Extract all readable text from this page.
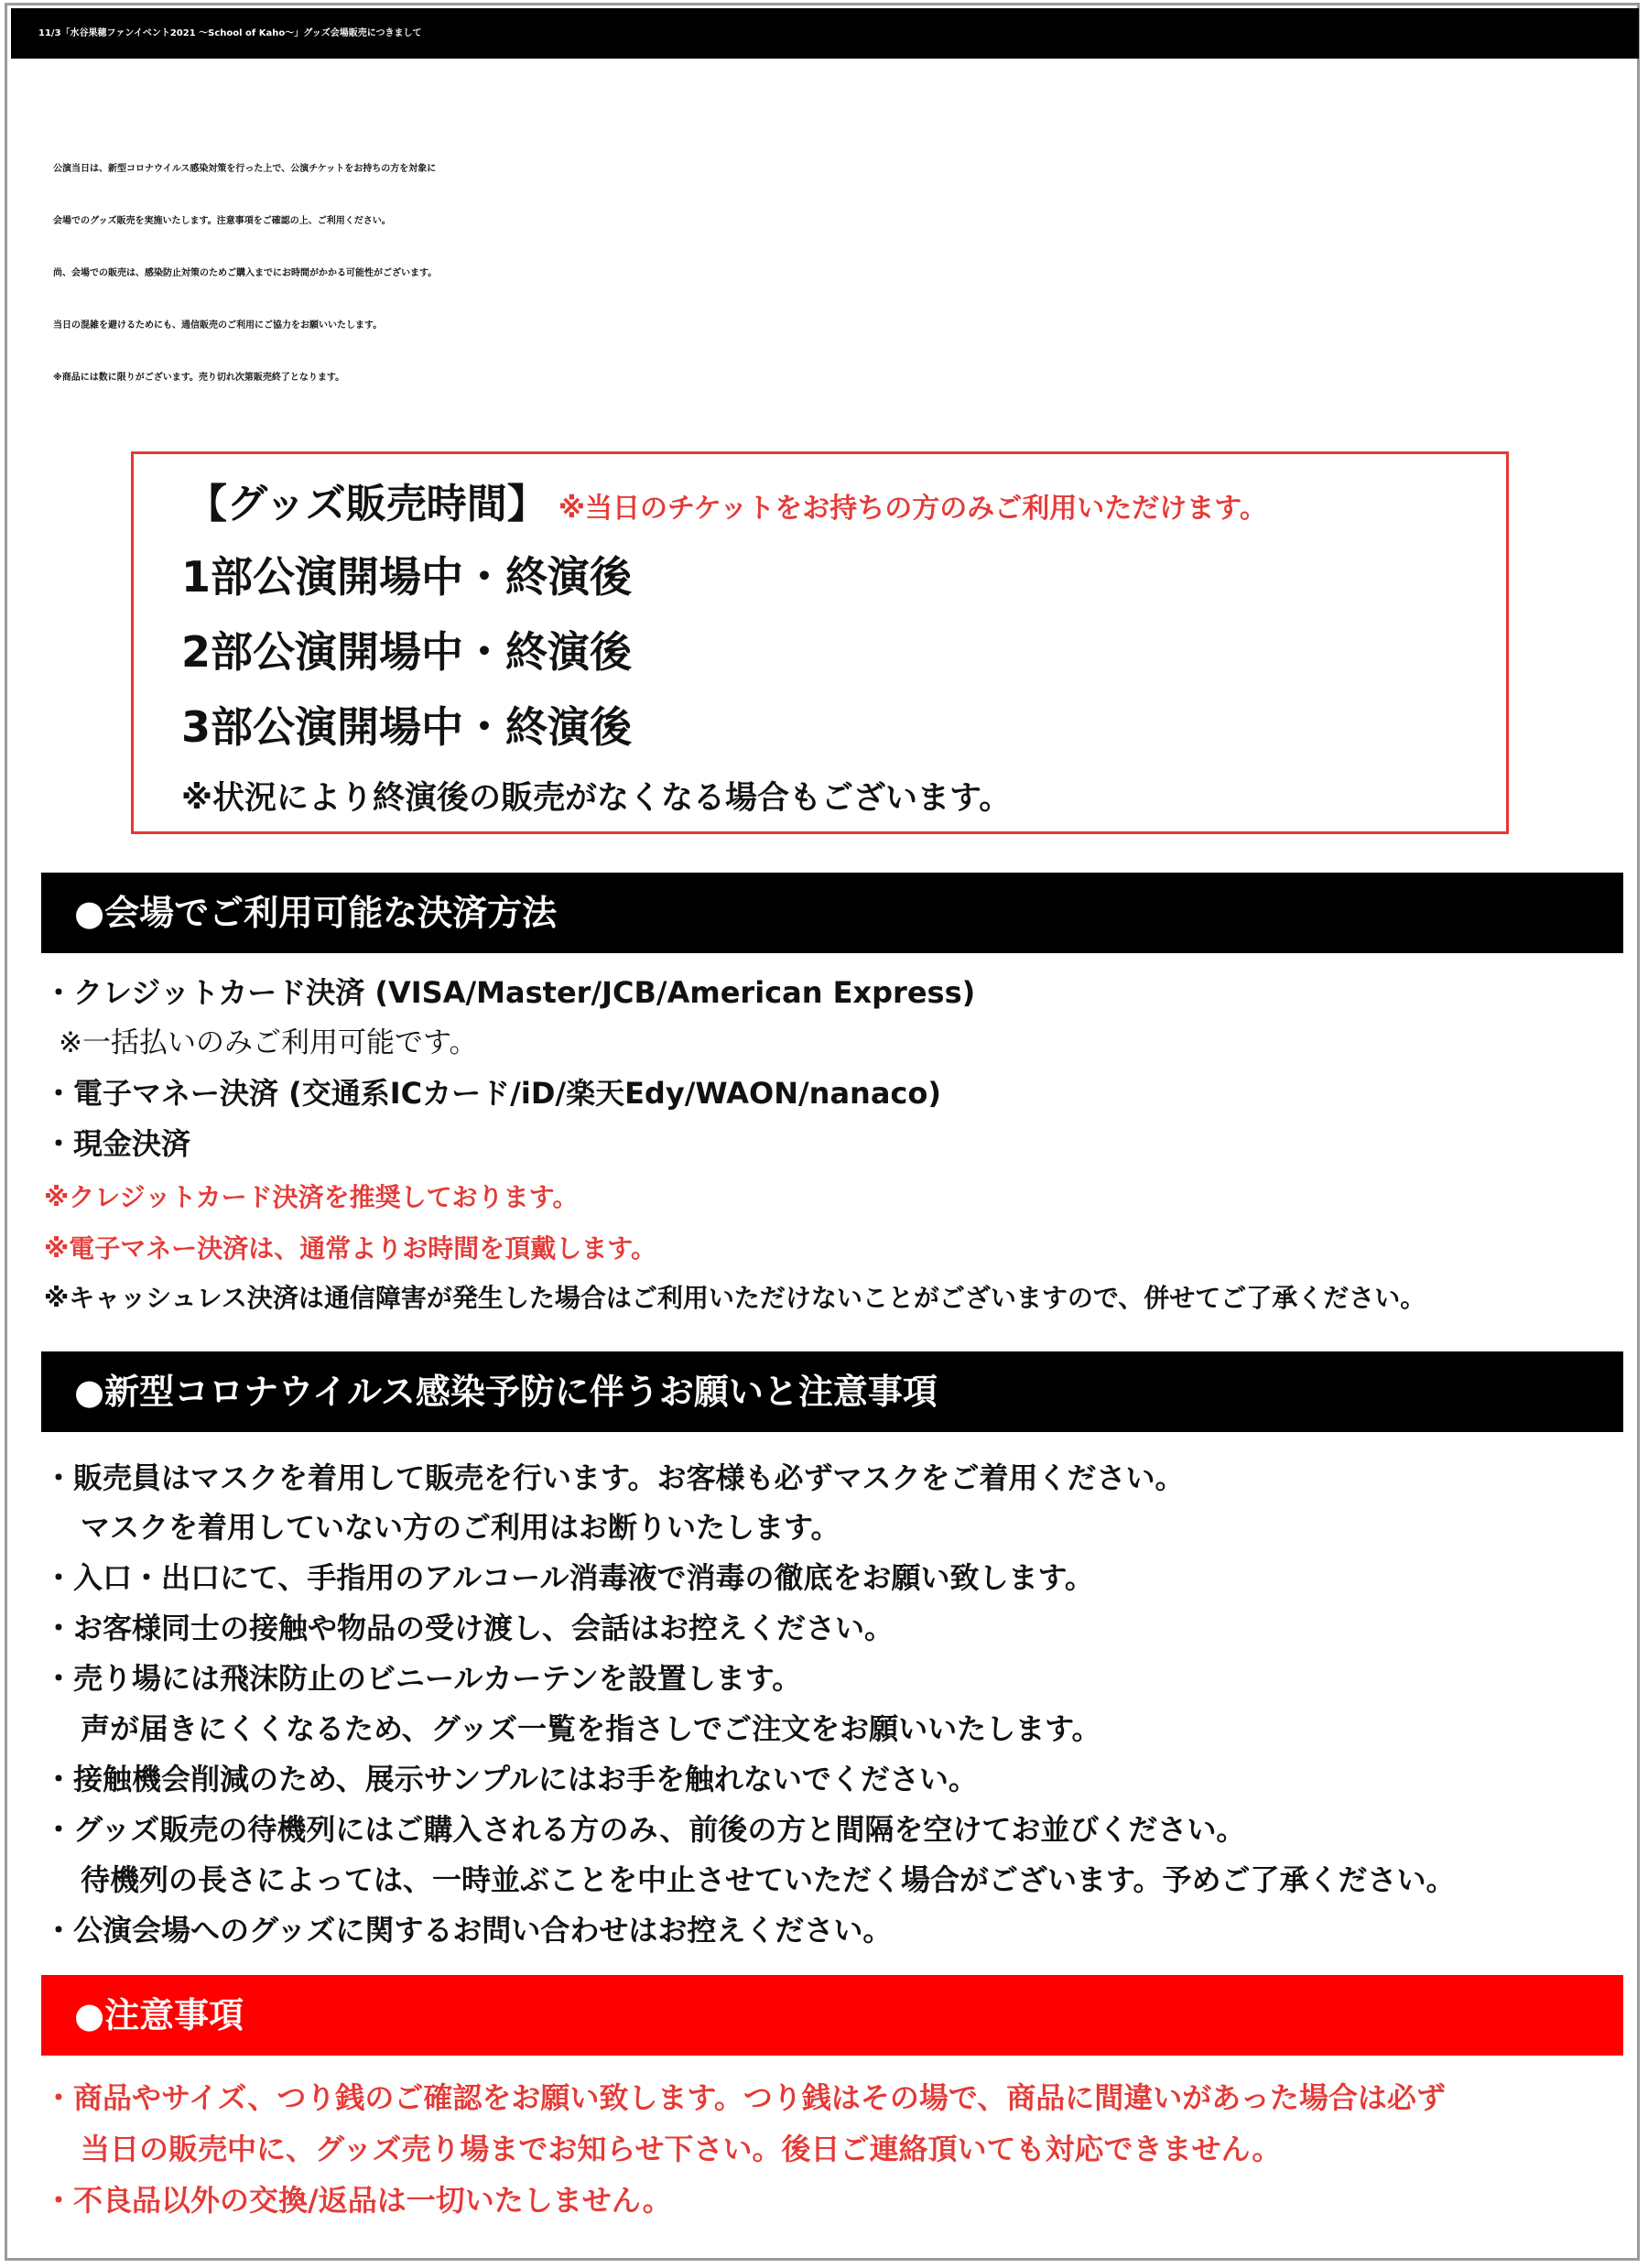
11/3「水谷果穂ファンイベント2021 〜School of Kaho〜」グッズ会場販売につきまして
公演当日は、新型コロナウイルス感染対策を行った上で、公演チケットをお持ちの方を対象に
会場でのグッズ販売を実施いたします。注意事項をご確認の上、ご利用ください。
尚、会場での販売は、感染防止対策のためご購入までにお時間がかかる可能性がございます。
当日の混雑を避けるためにも、通信販売のご利用にご協力をお願いいたします。
※商品には数に限りがございます。売り切れ次第販売終了となります。
【グッズ販売時間】 ※当日のチケットをお持ちの方のみご利用いただけます。
1部公演開場中・終演後
2部公演開場中・終演後
3部公演開場中・終演後
※状況により終演後の販売がなくなる場合もございます。
●会場でご利用可能な決済方法
・クレジットカード決済 (VISA/Master/JCB/American Express)
※一括払いのみご利用可能です。
・電子マネー決済 (交通系ICカード/iD/楽天Edy/WAON/nanaco)
・現金決済
※クレジットカード決済を推奨しております。
※電子マネー決済は、通常よりお時間を頂戴します。
※キャッシュレス決済は通信障害が発生した場合はご利用いただけないことがございますので、併せてご了承ください。
●新型コロナウイルス感染予防に伴うお願いと注意事項
・販売員はマスクを着用して販売を行います。お客様も必ずマスクをご着用ください。
マスクを着用していない方のご利用はお断りいたします。
・入口・出口にて、手指用のアルコール消毒液で消毒の徹底をお願い致します。
・お客様同士の接触や物品の受け渡し、会話はお控えください。
・売り場には飛沫防止のビニールカーテンを設置します。
声が届きにくくなるため、グッズ一覧を指さしでご注文をお願いいたします。
・接触機会削減のため、展示サンプルにはお手を触れないでください。
・グッズ販売の待機列にはご購入される方のみ、前後の方と間隔を空けてお並びください。
待機列の長さによっては、一時並ぶことを中止させていただく場合がございます。予めご了承ください。
・公演会場へのグッズに関するお問い合わせはお控えください。
●注意事項
・商品やサイズ、つり銭のご確認をお願い致します。つり銭はその場で、商品に間違いがあった場合は必ず
当日の販売中に、グッズ売り場までお知らせ下さい。後日ご連絡頂いても対応できません。
・不良品以外の交換/返品は一切いたしません。
